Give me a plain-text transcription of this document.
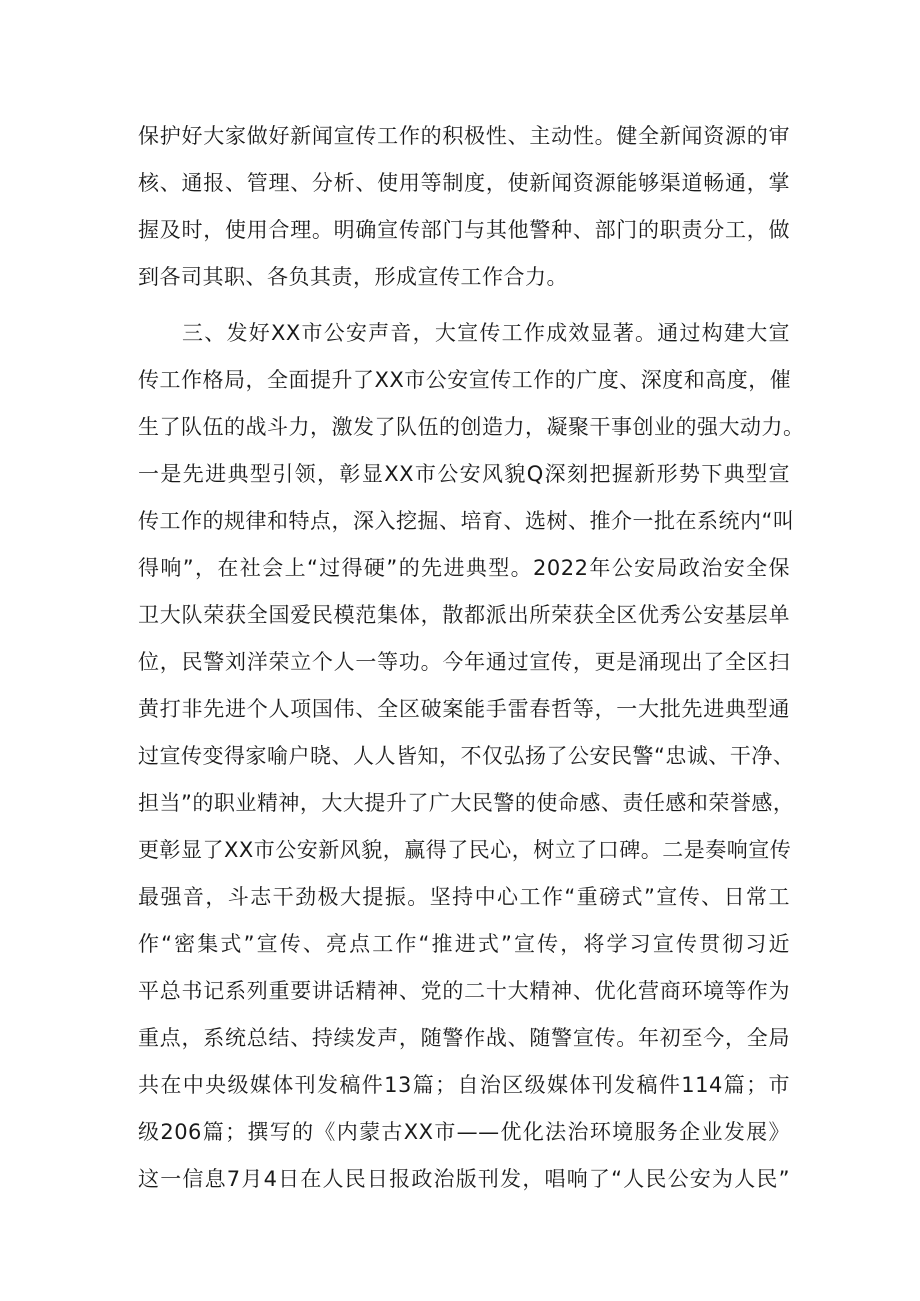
保护好大家做好新闻宣传工作的积极性、主动性。健全新闻资源的审
核、通报、管理、分析、使用等制度，使新闻资源能够渠道畅通，掌
握及时，使用合理。明确宣传部门与其他警种、部门的职责分工，做
到各司其职、各负其责，形成宣传工作合力。
三、发好XX市公安声音，大宣传工作成效显著。通过构建大宣
传工作格局，全面提升了XX市公安宣传工作的广度、深度和高度，催
生了队伍的战斗力，激发了队伍的创造力，凝聚干事创业的强大动力。
一是先进典型引领，彰显XX市公安风貌Q深刻把握新形势下典型宣
传工作的规律和特点，深入挖掘、培育、选树、推介一批在系统内“叫
得响”，在社会上“过得硬”的先进典型。2022年公安局政治安全保
卫大队荣获全国爱民模范集体，散都派出所荣获全区优秀公安基层单
位，民警刘洋荣立个人一等功。今年通过宣传，更是涌现出了全区扫
黄打非先进个人项国伟、全区破案能手雷春哲等，一大批先进典型通
过宣传变得家喻户晓、人人皆知，不仅弘扬了公安民警“忠诚、干净、
担当”的职业精神，大大提升了广大民警的使命感、责任感和荣誉感，
更彰显了XX市公安新风貌，赢得了民心，树立了口碑。二是奏响宣传
最强音，斗志干劲极大提振。坚持中心工作“重磅式”宣传、日常工
作“密集式”宣传、亮点工作“推进式”宣传，将学习宣传贯彻习近
平总书记系列重要讲话精神、党的二十大精神、优化营商环境等作为
重点，系统总结、持续发声，随警作战、随警宣传。年初至今，全局
共在中央级媒体刊发稿件13篇；自治区级媒体刊发稿件114篇；市
级206篇；撰写的《内蒙古XX市——优化法治环境服务企业发展》
这一信息7月4日在人民日报政治版刊发，唱响了“人民公安为人民”
